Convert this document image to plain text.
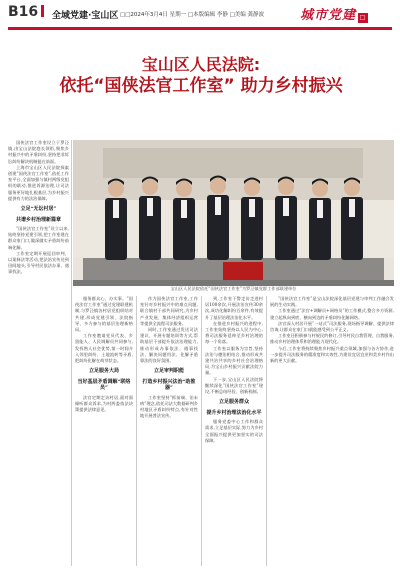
B16	全域党建·宝山区 □□2024年3月4日 星期一 □本版编辑 李静 □美编 龚静波	城市党建 □
宝山区人民法院:
依托“国侠法官工作室” 助力乡村振兴

国侠法官工作室设立于罗泾镇,由宝山法院庭长领衔,聚焦乡村振兴中的矛盾纠纷,坚持把非诉讼纠纷解决机制挺在前面。

上海市宝山区人民法院探索创建“国侠法官工作室”,依托工作室平台,全面加强与镇村两级党组织的联动,推进诉源治理,让司法服务更好地扎根基层,为乡村振兴提供有力的法治保障。

立足“无讼村居”
共谱乡村治理新篇章

“国侠法官工作室”设立以来,始终坚持党建引领,把工作室建在群众家门口,做深做实矛盾纠纷前端化解。

工作室定期开展巡回审判、以案释法等活动,把法治宣传送到田间地头,引导村民依法办事、遇事找法。

宝山区人民法院依托“国侠法官工作室”为罗泾镇党群工作部联建单位

服务群众心、办实事。“国侠法官工作室”通过党建联建机制,与罗泾镇各村居党组织结对共建,形成党建引领、法院指导、多方参与的基层治理新格局。

工作室邀请党员代表、乡贤能人、人民调解员共同参与,发挥熟人社会优势,第一时间介入邻里纠纷、土地流转等矛盾,把纠纷化解在萌芽状态。

立足服务大局
当好基层矛盾调解“联络员”

法官定期走访村居,面对面倾听群众诉求,为村两委依法决策提供法律意见。

作为国侠法官工作室,工作室针对乡村振兴中的难点问题,联合镇村干部共同研究,为乡村产业发展、集体经济组织运营等提供全流程司法服务。

同时,工作室通过发送司法建议、开展专题培训等方式,帮助基层干部提升依法治理能力,推动形成办事依法、遇事找法、解决问题用法、化解矛盾靠法的良好氛围。

立足审判职能
打造乡村振兴法治“助推器”

工作室坚持“抓前端、治未病”理念,依托司法大数据研判乡村地区矛盾纠纷特点,有针对性地开展普法宣传。

到,工作室干警走访走进村居100余次,开展法治宣传30余次,成功化解纠纷百余件,有效提升了基层治理法治化水平。

在推进乡村振兴的进程中,工作室始终坚持以人民为中心,将司法服务延伸至乡村治理的每一个角落。

工作室以服务为宗旨,坚持法治与德治相结合,推动形成共建共治共享的乡村社会治理格局,为宝山乡村振兴贡献法院力量。

下一步,宝山区人民法院将继续深化“国侠法官工作室”建设,不断总结经验、创新机制。

立足服务群众
提升乡村治理法治化水平

服务党委中心工作和群众需求,立足基层实际,努力为乡村全面振兴提供更加坚实的司法保障。

“国侠法官工作室”是宝山法院深化基层党建与审判工作融合发展的生动实践。

工作室通过“法官+调解员+网格员”的工作模式,整合多方资源,建立起纵向到底、横向到边的矛盾纠纷化解网络。

法官深入村居开展“一站式”司法服务,现场指导调解、提供法律咨询,让群众在家门口就能感受到公平正义。

工作室还积极参与村规民约修订,引导村民自我管理、自我服务,推动乡村治理体系和治理能力现代化。

今后,工作室将持续聚焦乡村振兴重点领域,加强与各方协作,进一步提升司法服务的精准度和实效性,为建设宜居宜业和美乡村作出新的更大贡献。
